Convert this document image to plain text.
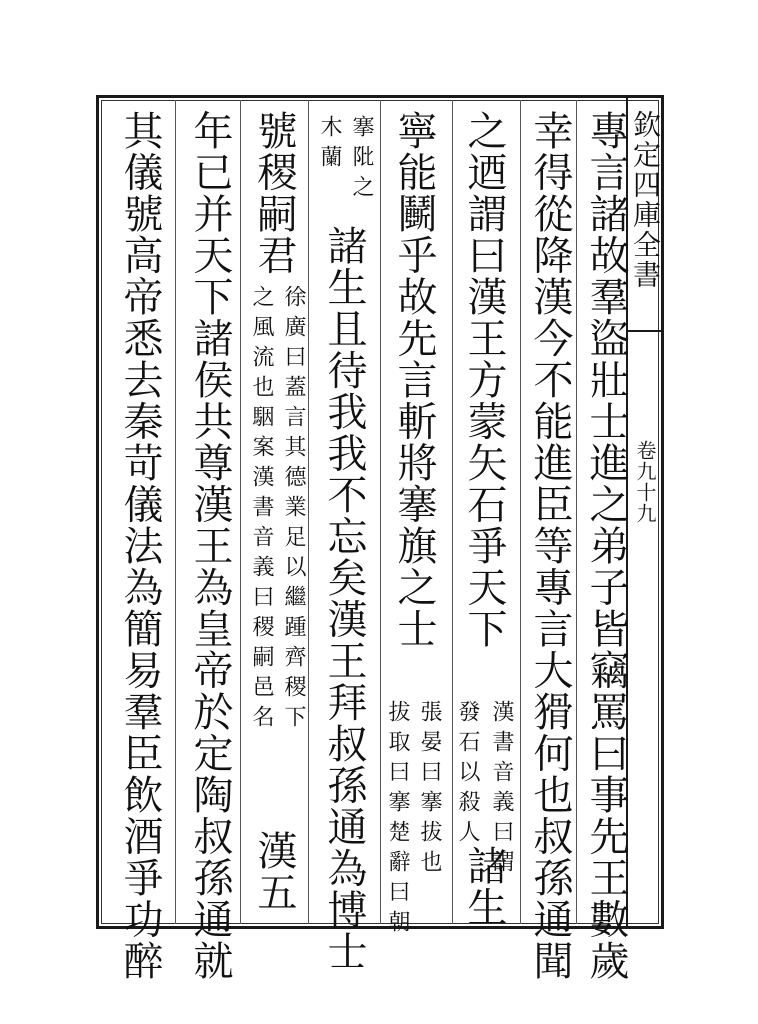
欽定四庫全書
卷九十九
專言諸故羣盜壯士進之弟子皆竊罵曰事先王數歲
幸得從降漢今不能進臣等專言大猾何也叔孫通聞
之迺謂曰漢王方蒙矢石爭天下
漢書音義曰謂
發石以殺人
諸生
寧能鬭乎故先言斬將搴旗之士
張晏曰搴拔也
拔取曰搴楚辭曰朝
搴阰之
木蘭
諸生且待我我不忘矣漢王拜叔孫通為博士
號稷嗣君
徐廣曰蓋言其德業足以繼踵齊稷下
之風流也駰案漢書音義曰稷嗣邑名
漢五
年已并天下諸侯共尊漢王為皇帝於定陶叔孫通就
其儀號高帝悉去秦苛儀法為簡易羣臣飲酒爭功醉
